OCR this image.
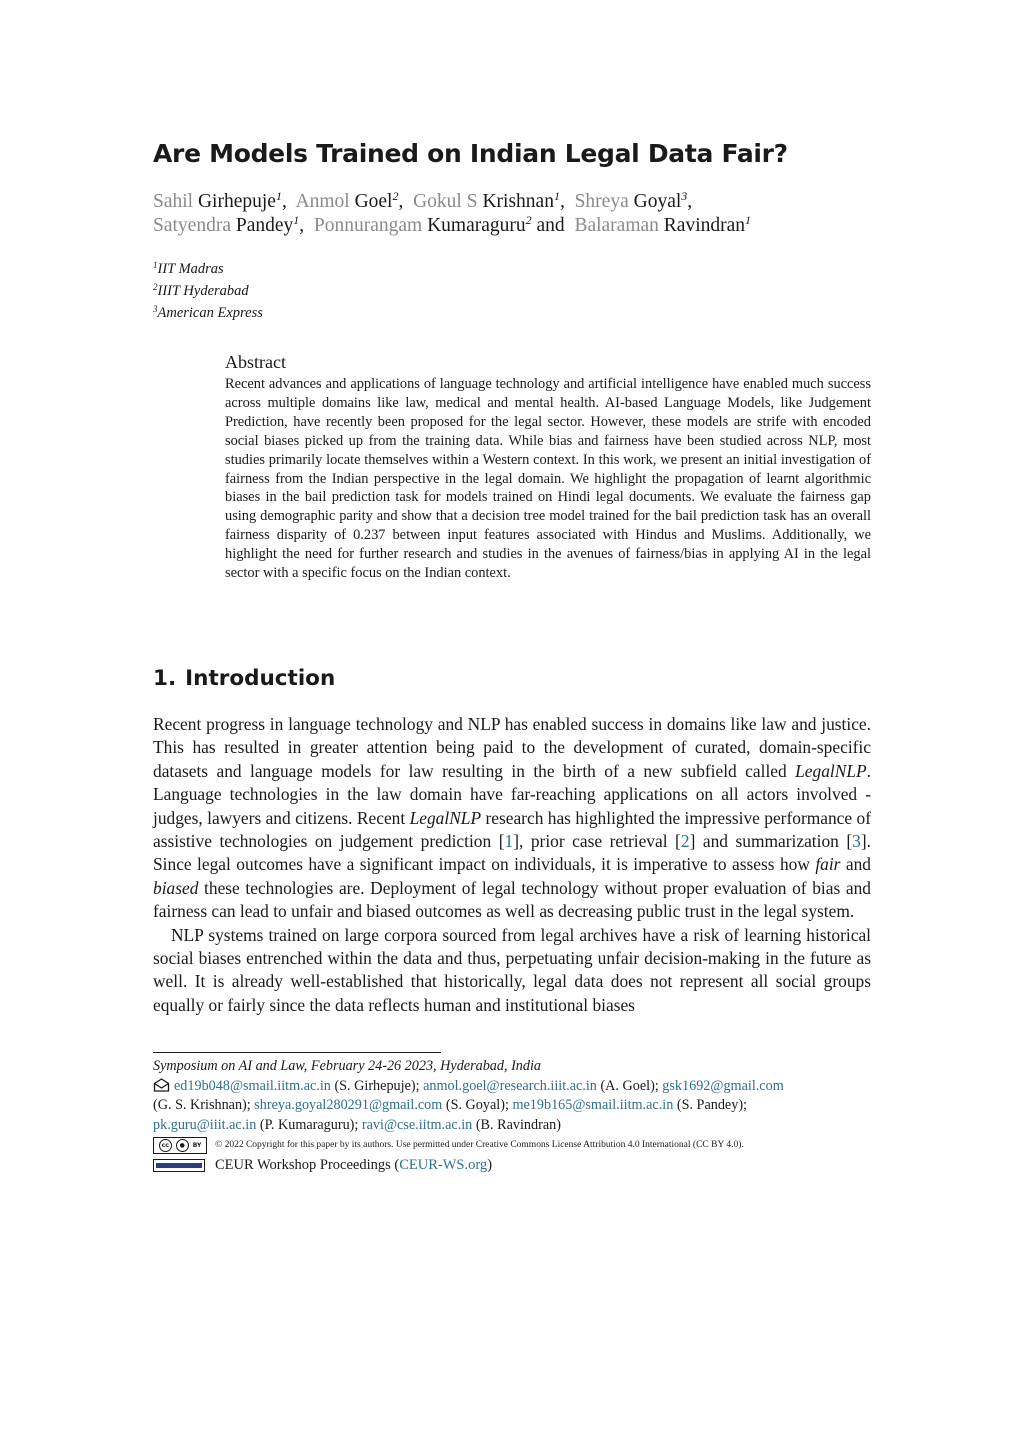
Are Models Trained on Indian Legal Data Fair?
Sahil Girhepuje$^1$, Anmol Goel$^2$, Gokul S Krishnan$^1$, Shreya Goyal$^3$,
Satyendra Pandey$^1$, Ponnurangam Kumaraguru$^2$ and Balaraman Ravindran$^1$
$^1$IIT Madras
$^2$IIIT Hyderabad
$^3$American Express
Abstract

Recent advances and applications of language technology and artificial intelligence have enabled much success across multiple domains like law, medical and mental health. AI-based Language Models, like Judgement Prediction, have recently been proposed for the legal sector. However, these models are strife with encoded social biases picked up from the training data. While bias and fairness have been studied across NLP, most studies primarily locate themselves within a Western context. In this work, we present an initial investigation of fairness from the Indian perspective in the legal domain. We highlight the propagation of learnt algorithmic biases in the bail prediction task for models trained on Hindi legal documents. We evaluate the fairness gap using demographic parity and show that a decision tree model trained for the bail prediction task has an overall fairness disparity of 0.237 between input features associated with Hindus and Muslims. Additionally, we highlight the need for further research and studies in the avenues of fairness/bias in applying AI in the legal sector with a specific focus on the Indian context.

1. Introduction

Recent progress in language technology and NLP has enabled success in domains like law and justice. This has resulted in greater attention being paid to the development of curated, domain-specific datasets and language models for law resulting in the birth of a new subfield called LegalNLP. Language technologies in the law domain have far-reaching applications on all actors involved - judges, lawyers and citizens. Recent LegalNLP research has highlighted the impressive performance of assistive technologies on judgement prediction [1], prior case retrieval [2] and summarization [3]. Since legal outcomes have a significant impact on individuals, it is imperative to assess how fair and biased these technologies are. Deployment of legal technology without proper evaluation of bias and fairness can lead to unfair and biased outcomes as well as decreasing public trust in the legal system.

NLP systems trained on large corpora sourced from legal archives have a risk of learning historical social biases entrenched within the data and thus, perpetuating unfair decision-making in the future as well. It is already well-established that historically, legal data does not represent all social groups equally or fairly since the data reflects human and institutional biases

Symposium on AI and Law, February 24-26 2023, Hyderabad, India
ed19b048@smail.iitm.ac.in (S. Girhepuje); anmol.goel@research.iiit.ac.in (A. Goel); gsk1692@gmail.com
(G. S. Krishnan); shreya.goyal280291@gmail.com (S. Goyal); me19b165@smail.iitm.ac.in (S. Pandey);
pk.guru@iiit.ac.in (P. Kumaraguru); ravi@cse.iitm.ac.in (B. Ravindran)
cc	●	BY © 2022 Copyright for this paper by its authors. Use permitted under Creative Commons License Attribution 4.0 International (CC BY 4.0).
CEUR Workshop Proceedings (CEUR-WS.org)
